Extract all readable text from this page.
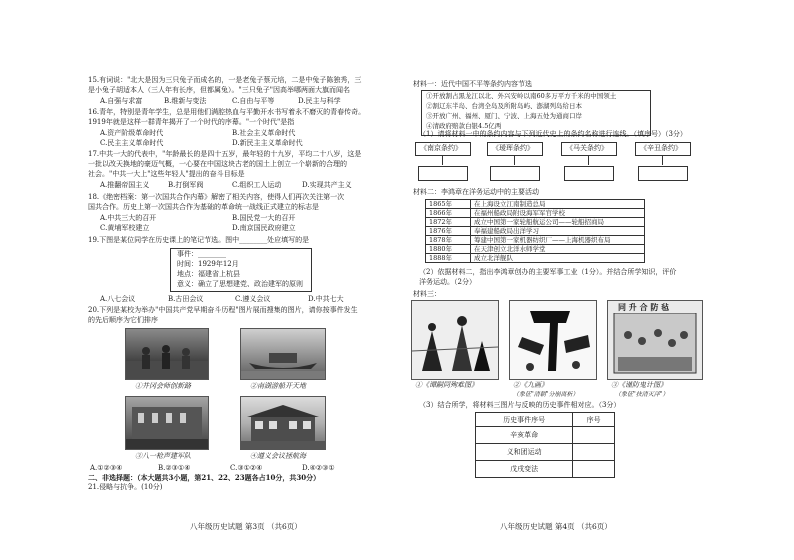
15.有词说："北大是因为三只兔子而成名的，一是老兔子蔡元培，二是中兔子陈独秀，三
是小兔子胡适本人（三人年有长序，但都属兔）。"三只兔子"因高举哪两面大旗而闻名
A.自强与求富	B.维新与变法	C.自由与平等	D.民主与科学
16.青年，特别是青年学生，总是用他们满腔热血与平勤开水书写着永不磨灭的青春传奇。
1919年就是这样一群青年揭开了一个时代的序幕。"一个时代"是指
A.资产阶级革命时代	B.社会主义革命时代
C.民主主义革命时代	D.新民主主义革命时代
17.中共一大的代表中，"年龄最长的是四十五岁，最年轻的十九岁，平均二十八岁，这是
一批以改天换地的豪迈气概，一心要在中国这块古老的国土上创立一个崭新的合理的
社会。"中共一大上"这些年轻人"提出的奋斗目标是
A.推翻帝国主义	B.打倒军阀	C.组织工人运动	D.实现共产主义
18.《绝密档案：第一次国共合作内幕》解密了相关内容，使得人们再次关注第一次
国共合作。历史上第一次国共合作为基础的革命统一战线正式建立的标志是
A.中共三大的召开	B.国民党一大的召开
C.黄埔军校建立	D.南京国民政府建立
19.下图是某位同学在历史课上的笔记节选。图中________处应填写的是
事件：________
时间：1929年12月
地点：福建省上杭县
意义：确立了思想建党、政治建军的原则
A.八七会议	B.古田会议	C.遵义会议	D.中共七大
20.下列是某校为举办"中国共产党早期奋斗历程"图片展而搜集的图片，请你按事件发生
的先后顺序为它们排序
①井冈会师创新路	②南湖游船开天地
③八一枪声建军队	④遵义会议拯航海
A.①②③④	B.②③①④	C.③①②④	D.④②③①
二、非选择题：（本大题共3小题，第21、22、23题各占10分，共30分）
21.侵略与抗争。(10分)
八年级历史试题 第3页 （共6页）
材料一：近代中国不平等条约内容节选
①开放割占黑龙江以北、外兴安岭以南60多万平方千米的中国领土
②割辽东半岛、台湾全岛及所附岛屿、澎湖列岛给日本
③开放广州、福州、厦门、宁波、上海五处为通商口岸
④清政府赔款白银4.5亿两
（1）请将材料一中的条约内容与下列近代史上的条约名称进行连线。（填序号）（3分）
《南京条约》	《瑷珲条约》	《马关条约》	《辛丑条约》
材料二：李鸿章在洋务运动中的主要活动
1865年	在上海设立江南制造总局
1866年	在福州船政局附设海军军官学校
1872年	成立中国第一家轮船航运公司——轮船招商局
1876年	奉福建船政局出洋学习
1878年	筹建中国第一家机器纺织厂——上海机器织布局
1880年	在天津创立北洋水师学堂
1888年	成立北洋舰队
（2）依据材料二，指出李鸿章创办的主要军事工业（1分）。并结合所学知识，评价
洋务运动。（2分）
材料三：
同 升 合 防 毡
①《谭嗣同殉难图》	②《九画》
（象征"清朝"分崩离析）
③《谨防鬼计图》
（象征"扶清灭洋"）
（3）结合所学，将材料三图片与反映的历史事件相对应。（3分）
历史事件序号	序号
辛亥革命	
义和团运动	
戊戌变法	
八年级历史试题 第4页 （共6页）
